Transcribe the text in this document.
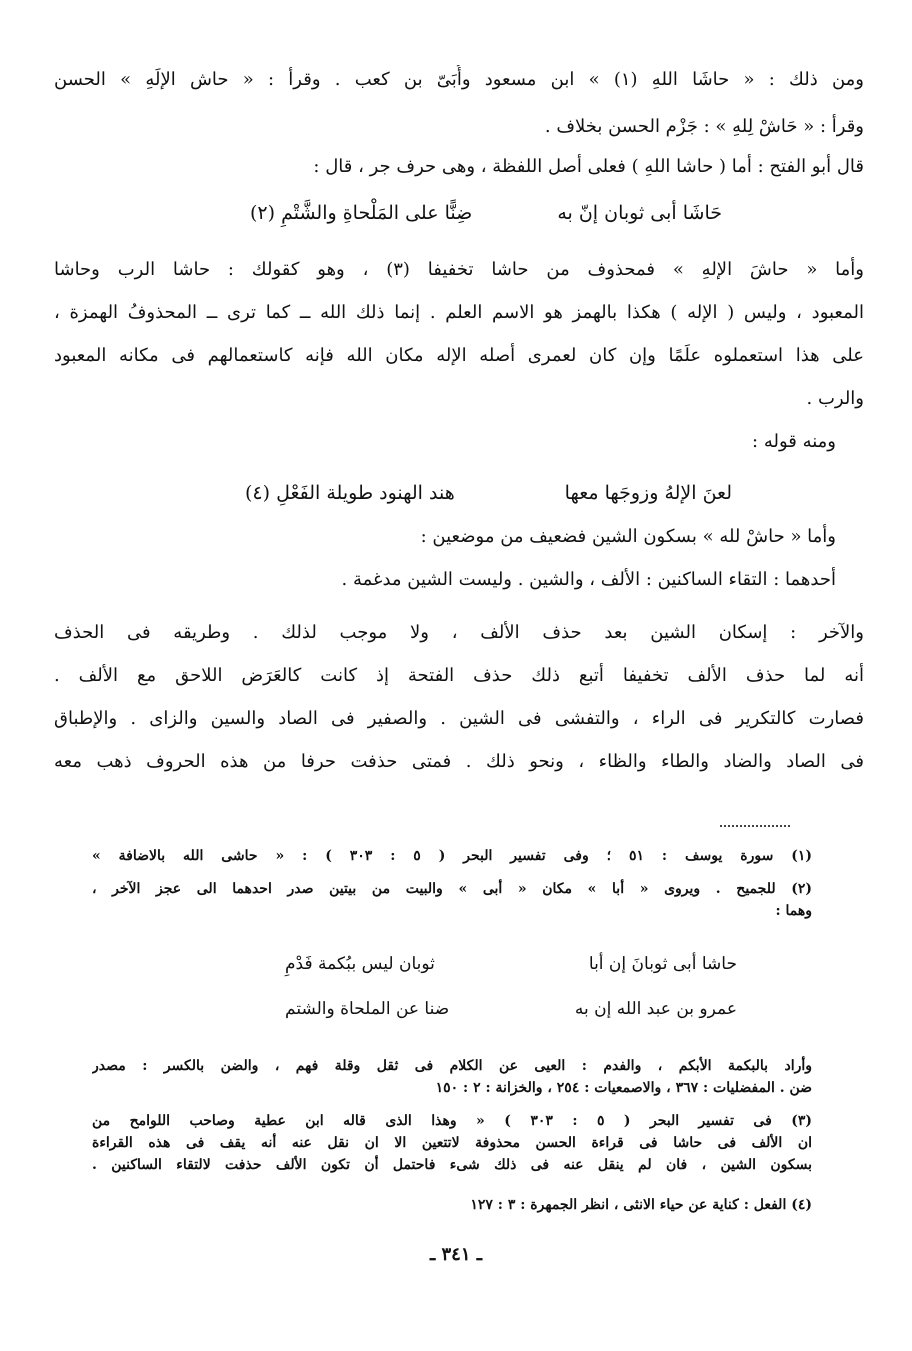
ومن ذلك : « حاشَا اللهِ (١) » ابن مسعود وأُبَىّ بن كعب . وقرأ : « حاش الإلَهِ » الحسن
وقرأ : « حَاشْ لِلهِ » : جَزْم الحسن بخلاف .
قال أبو الفتح : أما ( حاشا اللهِ ) فعلى أصل اللفظة ، وهى حرف جر ، قال :
حَاشَا أبى ثوبان إنّ به
ضِنًّا على المَلْحاةِ والشَّتْمِ (٢)
وأما « حاشَ الإلهِ » فمحذوف من حاشا تخفيفا (٣) ، وهو كقولك : حاشا الرب وحاشا
المعبود ، وليس ( الإله ) هكذا بالهمز هو الاسم العلم . إنما ذلك الله ــ كما ترى ــ المحذوفُ الهمزة ،
على هذا استعملوه علَمًا وإن كان لعمرى أصله الإله مكان الله فإنه كاستعمالهم فى مكانه المعبود
والرب .
ومنه قوله :
لعنَ الإلهُ وزوجَها معها
هند الهنود طويلة الفَعْلِ (٤)
وأما « حاشْ لله » بسكون الشين فضعيف من موضعين :
أحدهما : التقاء الساكنين : الألف ، والشين . وليست الشين مدغمة .
والآخر : إسكان الشين بعد حذف الألف ، ولا موجب لذلك . وطريقه فى الحذف
أنه لما حذف الألف تخفيفا أتبع ذلك حذف الفتحة إذ كانت كالعَرَض اللاحق مع الألف .
فصارت كالتكرير فى الراء ، والتفشى فى الشين . والصفير فى الصاد والسين والزاى . والإطباق
فى الصاد والضاد والطاء والظاء ، ونحو ذلك . فمتى حذفت حرفا من هذه الحروف ذهب معه
(١) سورة يوسف : ٥١ ؛ وفى تفسير البحر ( ٥ : ٣٠٣ ) : « حاشى الله بالاضافة »
(٢) للجميح . ويروى « أبا » مكان « أبى » والبيت من بيتين صدر احدهما الى عجز الآخر ،
وهما :
حاشا أبى ثوبانَ إن أبا
ثوبان ليس ببُكمة فَدْمِ
عمرو بن عبد الله إن به
ضنا عن الملحاة والشتم
وأراد بالبكمة الأبكم ، والفدم : العيى عن الكلام فى ثقل وقلة فهم ، والضن بالكسر : مصدر
ضن . المفضليات : ٣٦٧ ، والاصمعيات : ٢٥٤ ، والخزانة : ٢ : ١٥٠
(٣) فى تفسير البحر ( ٥ : ٣٠٣ ) « وهذا الذى قاله ابن عطية وصاحب اللوامح من
ان الألف فى حاشا فى قراءة الحسن محذوفة لاتتعين الا ان نقل عنه أنه يقف فى هذه القراءة
بسكون الشين ، فان لم ينقل عنه فى ذلك شىء فاحتمل أن تكون الألف حذفت لالتقاء الساكنين .
(٤) الفعل : كناية عن حياء الانثى ، انظر الجمهرة : ٣ : ١٢٧
ـ ٣٤١ ـ
